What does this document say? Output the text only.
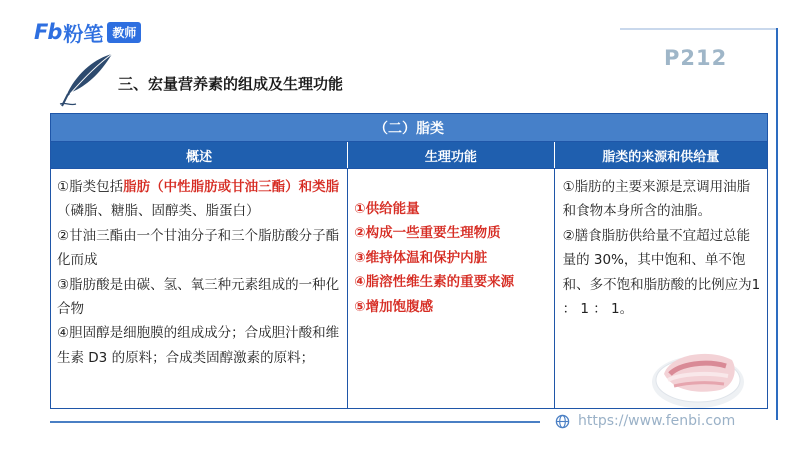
Fb 粉笔 教师
P212
三、宏量营养素的组成及生理功能
（二）脂类
概述	生理功能	脂类的来源和供给量
①脂类包括脂肪（中性脂肪或甘油三酯）和类脂（磷脂、糖脂、固醇类、脂蛋白）
②甘油三酯由一个甘油分子和三个脂肪酸分子酯化而成
③脂肪酸是由碳、氢、氧三种元素组成的一种化合物
④胆固醇是细胞膜的组成成分；合成胆汁酸和维生素 D3 的原料；合成类固醇激素的原料；
①供给能量
②构成一些重要生理物质
③维持体温和保护内脏
④脂溶性维生素的重要来源
⑤增加饱腹感
①脂肪的主要来源是烹调用油脂和食物本身所含的油脂。
②膳食脂肪供给量不宜超过总能量的 30%，其中饱和、单不饱和、多不饱和脂肪酸的比例应为1 ： 1 ： 1。
https://www.fenbi.com
